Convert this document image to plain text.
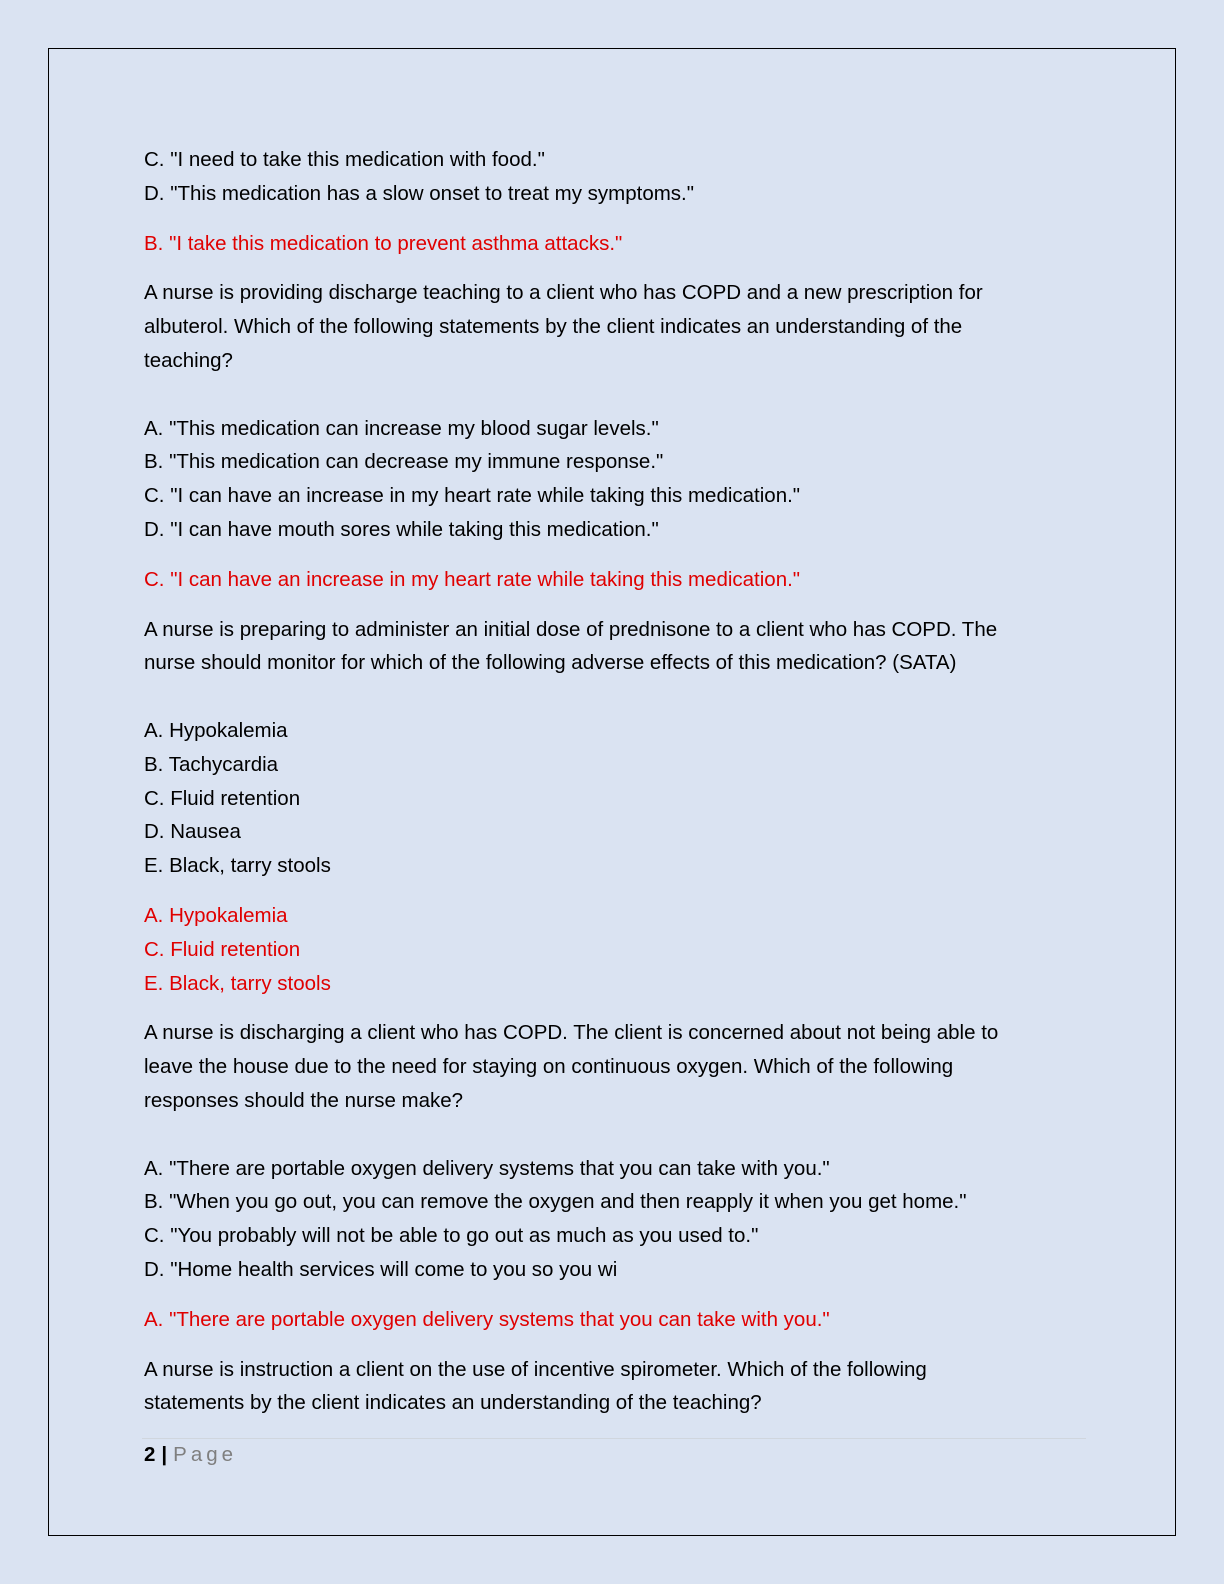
C. "I need to take this medication with food."
D. "This medication has a slow onset to treat my symptoms."
B. "I take this medication to prevent asthma attacks."
A nurse is providing discharge teaching to a client who has COPD and a new prescription for
albuterol. Which of the following statements by the client indicates an understanding of the
teaching?
A. "This medication can increase my blood sugar levels."
B. "This medication can decrease my immune response."
C. "I can have an increase in my heart rate while taking this medication."
D. "I can have mouth sores while taking this medication."
C. "I can have an increase in my heart rate while taking this medication."
A nurse is preparing to administer an initial dose of prednisone to a client who has COPD. The
nurse should monitor for which of the following adverse effects of this medication? (SATA)
A. Hypokalemia
B. Tachycardia
C. Fluid retention
D. Nausea
E. Black, tarry stools
A. Hypokalemia
C. Fluid retention
E. Black, tarry stools
A nurse is discharging a client who has COPD. The client is concerned about not being able to
leave the house due to the need for staying on continuous oxygen. Which of the following
responses should the nurse make?
A. "There are portable oxygen delivery systems that you can take with you."
B. "When you go out, you can remove the oxygen and then reapply it when you get home."
C. "You probably will not be able to go out as much as you used to."
D. "Home health services will come to you so you wi
A. "There are portable oxygen delivery systems that you can take with you."
A nurse is instruction a client on the use of incentive spirometer. Which of the following
statements by the client indicates an understanding of the teaching?
2 | Page
